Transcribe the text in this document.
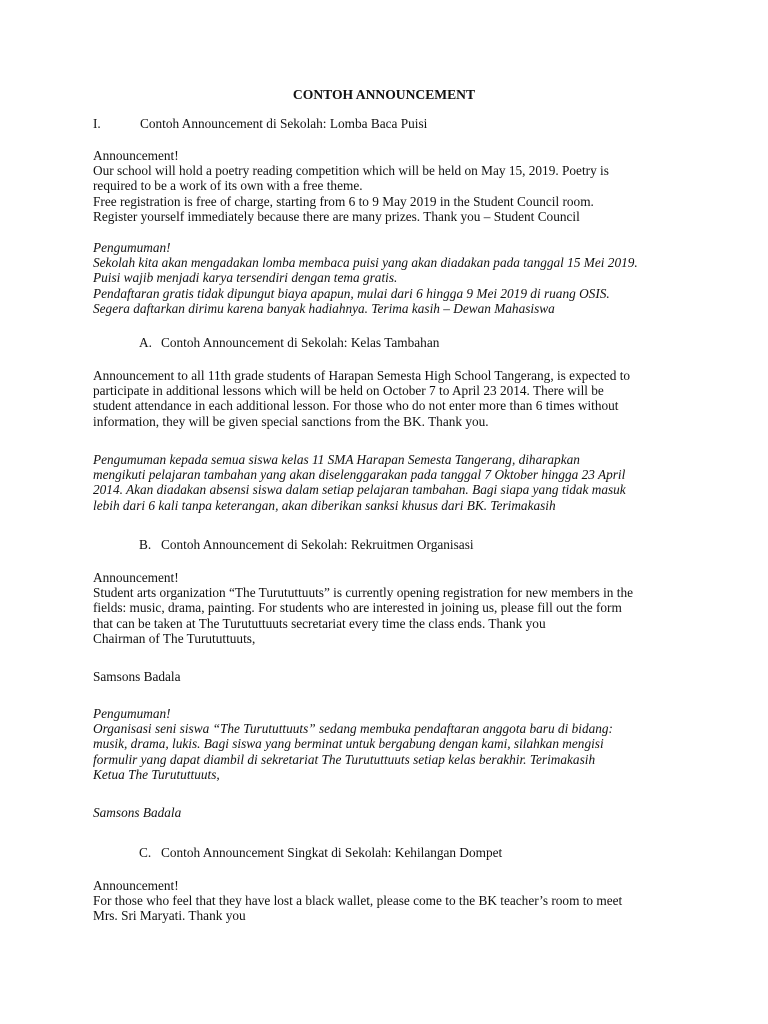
CONTOH ANNOUNCEMENT
I.	Contoh Announcement di Sekolah: Lomba Baca Puisi

Announcement!
Our school will hold a poetry reading competition which will be held on May 15, 2019. Poetry is
required to be a work of its own with a free theme.
Free registration is free of charge, starting from 6 to 9 May 2019 in the Student Council room.
Register yourself immediately because there are many prizes. Thank you – Student Council

Pengumuman!
Sekolah kita akan mengadakan lomba membaca puisi yang akan diadakan pada tanggal 15 Mei 2019.
Puisi wajib menjadi karya tersendiri dengan tema gratis.
Pendaftaran gratis tidak dipungut biaya apapun, mulai dari 6 hingga 9 Mei 2019 di ruang OSIS.
Segera daftarkan dirimu karena banyak hadiahnya. Terima kasih – Dewan Mahasiswa

A. Contoh Announcement di Sekolah: Kelas Tambahan

Announcement to all 11th grade students of Harapan Semesta High School Tangerang, is expected to
participate in additional lessons which will be held on October 7 to April 23 2014. There will be
student attendance in each additional lesson. For those who do not enter more than 6 times without
information, they will be given special sanctions from the BK. Thank you.

Pengumuman kepada semua siswa kelas 11 SMA Harapan Semesta Tangerang, diharapkan
mengikuti pelajaran tambahan yang akan diselenggarakan pada tanggal 7 Oktober hingga 23 April
2014. Akan diadakan absensi siswa dalam setiap pelajaran tambahan. Bagi siapa yang tidak masuk
lebih dari 6 kali tanpa keterangan, akan diberikan sanksi khusus dari BK. Terimakasih

B. Contoh Announcement di Sekolah: Rekruitmen Organisasi

Announcement!
Student arts organization “The Turututtuuts” is currently opening registration for new members in the
fields: music, drama, painting. For students who are interested in joining us, please fill out the form
that can be taken at The Turututtuuts secretariat every time the class ends. Thank you
Chairman of The Turututtuuts,

Samsons Badala

Pengumuman!
Organisasi seni siswa “The Turututtuuts” sedang membuka pendaftaran anggota baru di bidang:
musik, drama, lukis. Bagi siswa yang berminat untuk bergabung dengan kami, silahkan mengisi
formulir yang dapat diambil di sekretariat The Turututtuuts setiap kelas berakhir. Terimakasih
Ketua The Turututtuuts,

Samsons Badala

C. Contoh Announcement Singkat di Sekolah: Kehilangan Dompet

Announcement!
For those who feel that they have lost a black wallet, please come to the BK teacher’s room to meet
Mrs. Sri Maryati. Thank you
